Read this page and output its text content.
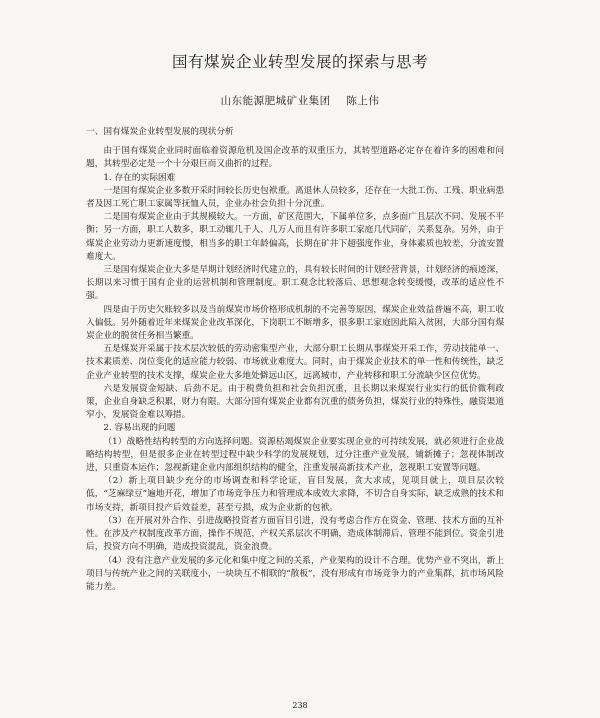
国有煤炭企业转型发展的探索与思考
山东能源肥城矿业集团 陈上伟

一、国有煤炭企业转型发展的现状分析

由于国有煤炭企业同时面临着资源危机及国企改革的双重压力，其转型道路必定存在着许多的困难和问题，其转型必定是一个十分艰巨而又曲折的过程。

1. 存在的实际困难

一是国有煤炭企业多数开采时间较长历史包袱重。离退休人员较多，还存在一大批工伤、工残、职业病患者及因工死亡职工家属等抚恤人员，企业办社会负担十分沉重。

二是国有煤炭企业由于其规模较大。一方面，矿区范围大，下属单位多，点多面广且层次不同、发展不平衡；另一方面，职工人数多，职工动辄几千人、几万人而且有许多职工家庭几代同矿，关系复杂。另外，由于煤炭企业劳动力更新速度慢，相当多的职工年龄偏高，长期在矿井下超强度作业，身体素质也较差，分流安置难度大。

三是国有煤炭企业大多是早期计划经济时代建立的，具有较长时间的计划经营背景，计划经济的痕迹深，长期以来习惯于国有企业的运营机制和管理制度。职工观念比较落后、思想观念转变缓慢，改革的适应性不强。

四是由于历史欠账较多以及当前煤炭市场价格形成机制的不完善等原因，煤炭企业效益普遍不高，职工收入偏低。另外随着近年来煤炭企业改革深化，下岗职工不断增多，很多职工家庭因此陷入贫困，大部分国有煤炭企业的脱贫任务相当繁重。

五是煤炭开采属于技术层次较低的劳动密集型产业，大部分职工长期从事煤炭开采工作，劳动技能单一、技术素质差、岗位变化的适应能力较弱、市场就业难度大。同时，由于煤炭企业技术的单一性和传统性，缺乏企业产业转型的技术支撑，煤炭企业大多地处僻远山区，远离城市，产业转移和职工分流缺少区位优势。

六是发展资金短缺、后劲不足。由于税费负担和社会负担沉重，且长期以来煤炭行业实行的低价微利政策，企业自身缺乏积累，财力有限。大部分国有煤炭企业都有沉重的债务负担，煤炭行业的特殊性，融资渠道窄小，发展资金难以筹措。

2. 容易出现的问题

（1）战略性结构转型的方向选择问题。资源枯竭煤炭企业要实现企业的可持续发展，就必须进行企业战略结构转型，但是很多企业在转型过程中缺少科学的发展规划，过分注重产业发展，铺新摊子；忽视体制改进，只重资本运作；忽视新建企业内部组织结构的健全，注重发展高新技术产业，忽视职工安置等问题。

（2）新上项目缺少充分的市场调查和科学论证，盲目发展，贪大求成，见项目就上，项目层次较低，“芝麻绿豆”遍地开花，增加了市场竞争压力和管理成本成效大求降，不切合自身实际，缺乏成熟的技术和市场支持，新项目投产后效益差，甚至亏损，成为企业新的包袱。

（3）在开展对外合作、引进战略投资者方面盲目引进，没有考虑合作方在资金、管理、技术方面的互补性。在涉及产权制度改革方面，操作不规范，产权关系层次不明确，造成体制滞后、管理不能到位。资金引进后，投资方向不明确，造成投资混乱，资金浪费。

（4）没有注意产业发展的多元化和集中度之间的关系，产业架构的设计不合理。优势产业不突出，新上项目与传统产业之间的关联度小，一块块互不相联的“散板”，没有形成有市场竞争力的产业集群，抗市场风险能力差。

238
